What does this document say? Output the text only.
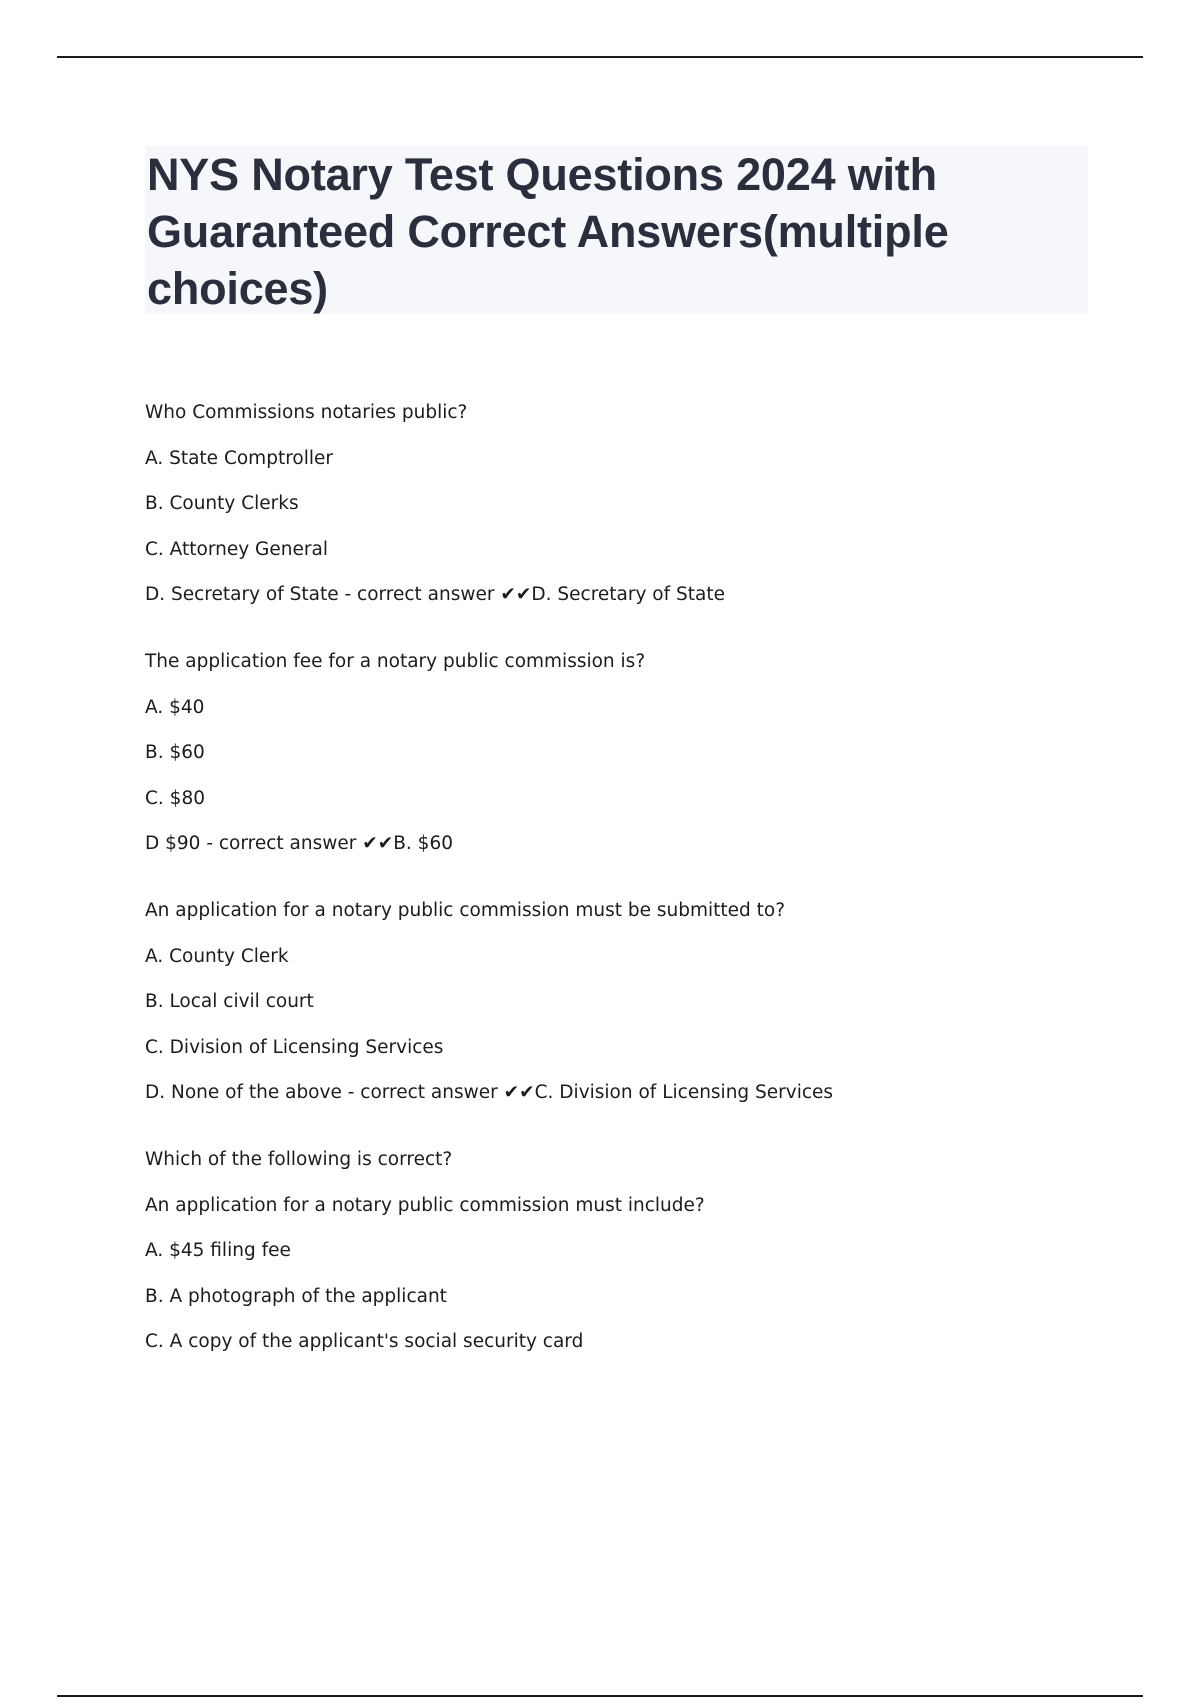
NYS Notary Test Questions 2024 with Guaranteed Correct Answers(multiple choices)
Who Commissions notaries public?
A. State Comptroller
B. County Clerks
C. Attorney General
D. Secretary of State - correct answer ✔✔D. Secretary of State
The application fee for a notary public commission is?
A. $40
B. $60
C. $80
D $90 - correct answer ✔✔B. $60
An application for a notary public commission must be submitted to?
A. County Clerk
B. Local civil court
C. Division of Licensing Services
D. None of the above - correct answer ✔✔C. Division of Licensing Services
Which of the following is correct?
An application for a notary public commission must include?
A. $45 filing fee
B. A photograph of the applicant
C. A copy of the applicant's social security card
